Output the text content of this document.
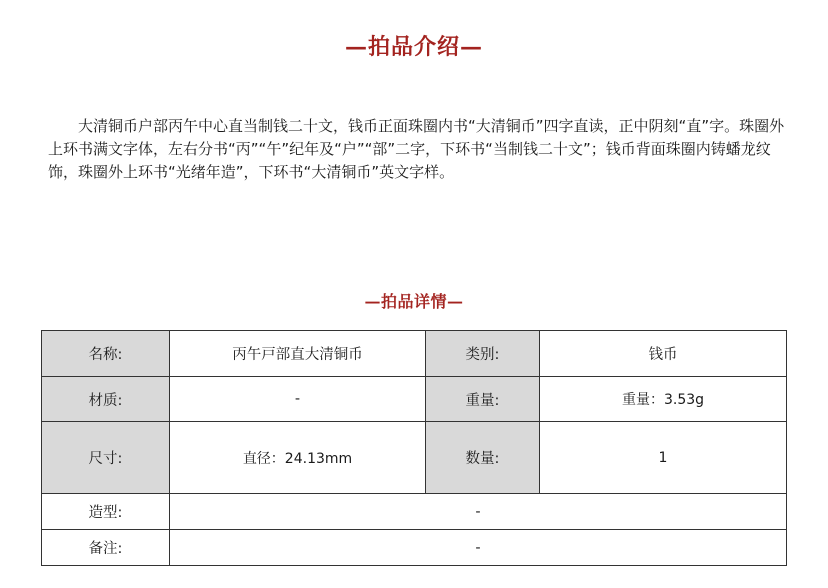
—拍品介绍—

大清铜币户部丙午中心直当制钱二十文，钱币正面珠圈内书“大清铜币”四字直读，正中阴刻“直”字。珠圈外上环书满文字体，左右分书“丙”“午”纪年及“户”“部”二字，下环书“当制钱二十文”；钱币背面珠圈内铸蟠龙纹饰，珠圈外上环书“光绪年造”，下环书“大清铜币”英文字样。

—拍品详情—
名称:	丙午戸部直大清铜币	类别:	钱币
材质:	-	重量:	重量：3.53g
尺寸:	直径：24.13mm	数量:	1
造型:	-		
备注:	-		
